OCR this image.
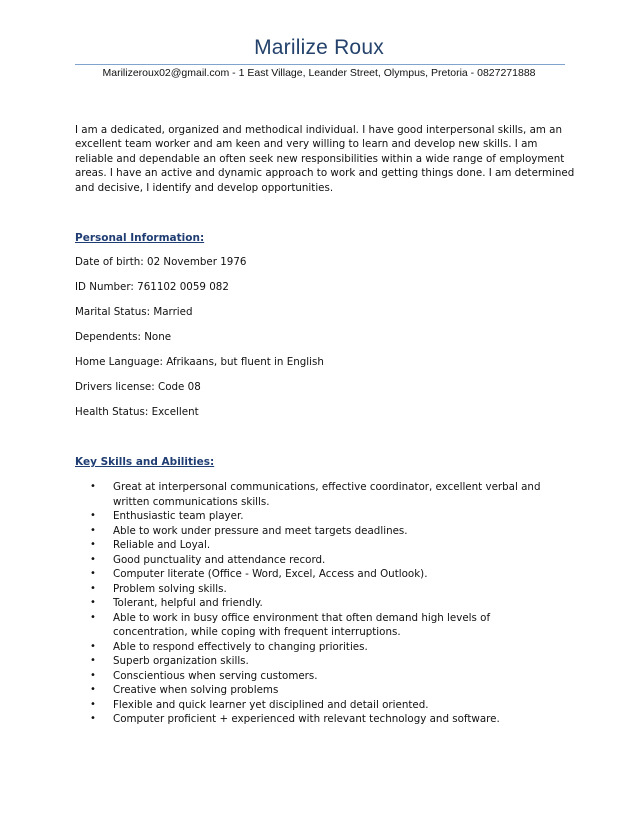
Marilize Roux
Marilizeroux02@gmail.com - 1 East Village, Leander Street, Olympus, Pretoria - 0827271888

I am a dedicated, organized and methodical individual. I have good interpersonal skills, am an excellent team worker and am keen and very willing to learn and develop new skills. I am reliable and dependable an often seek new responsibilities within a wide range of employment areas. I have an active and dynamic approach to work and getting things done. I am determined and decisive, I identify and develop opportunities.

Personal Information:

Date of birth: 02 November 1976

ID Number: 761102 0059 082

Marital Status: Married

Dependents: None

Home Language: Afrikaans, but fluent in English

Drivers license: Code 08

Health Status: Excellent

Key Skills and Abilities:

• Great at interpersonal communications, effective coordinator, excellent verbal and written communications skills.
• Enthusiastic team player.
• Able to work under pressure and meet targets deadlines.
• Reliable and Loyal.
• Good punctuality and attendance record.
• Computer literate (Office - Word, Excel, Access and Outlook).
• Problem solving skills.
• Tolerant, helpful and friendly.
• Able to work in busy office environment that often demand high levels of concentration, while coping with frequent interruptions.
• Able to respond effectively to changing priorities.
• Superb organization skills.
• Conscientious when serving customers.
• Creative when solving problems
• Flexible and quick learner yet disciplined and detail oriented.
• Computer proficient + experienced with relevant technology and software.
